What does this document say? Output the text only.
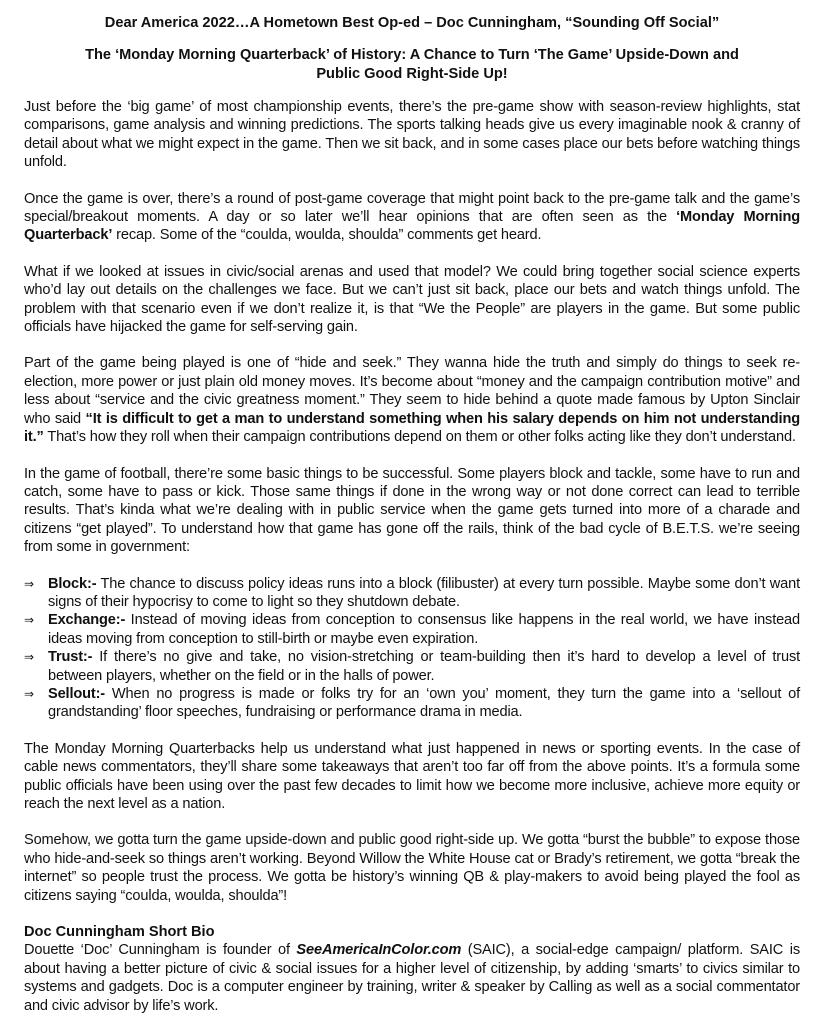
Dear America 2022…A Hometown Best Op-ed – Doc Cunningham, “Sounding Off Social”
The ‘Monday Morning Quarterback’ of History: A Chance to Turn ‘The Game’ Upside-Down and
Public Good Right-Side Up!

Just before the ‘big game’ of most championship events, there’s the pre-game show with season-review highlights, stat comparisons, game analysis and winning predictions. The sports talking heads give us every imaginable nook & cranny of detail about what we might expect in the game. Then we sit back, and in some cases place our bets before watching things unfold.

Once the game is over, there’s a round of post-game coverage that might point back to the pre-game talk and the game’s special/breakout moments. A day or so later we’ll hear opinions that are often seen as the ‘Monday Morning Quarterback’ recap. Some of the “coulda, woulda, shoulda” comments get heard.

What if we looked at issues in civic/social arenas and used that model? We could bring together social science experts who’d lay out details on the challenges we face. But we can’t just sit back, place our bets and watch things unfold. The problem with that scenario even if we don’t realize it, is that “We the People” are players in the game. But some public officials have hijacked the game for self-serving gain.

Part of the game being played is one of “hide and seek.” They wanna hide the truth and simply do things to seek re-election, more power or just plain old money moves. It’s become about “money and the campaign contribution motive” and less about “service and the civic greatness moment.” They seem to hide behind a quote made famous by Upton Sinclair who said “It is difficult to get a man to understand something when his salary depends on him not understanding it.” That’s how they roll when their campaign contributions depend on them or other folks acting like they don’t understand.

In the game of football, there’re some basic things to be successful. Some players block and tackle, some have to run and catch, some have to pass or kick. Those same things if done in the wrong way or not done correct can lead to terrible results. That’s kinda what we’re dealing with in public service when the game gets turned into more of a charade and citizens “get played”. To understand how that game has gone off the rails, think of the bad cycle of B.E.T.S. we’re seeing from some in government:

⇒ Block:- The chance to discuss policy ideas runs into a block (filibuster) at every turn possible. Maybe some don’t want signs of their hypocrisy to come to light so they shutdown debate.
⇒ Exchange:- Instead of moving ideas from conception to consensus like happens in the real world, we have instead ideas moving from conception to still-birth or maybe even expiration.
⇒ Trust:- If there’s no give and take, no vision-stretching or team-building then it’s hard to develop a level of trust between players, whether on the field or in the halls of power.
⇒ Sellout:- When no progress is made or folks try for an ‘own you’ moment, they turn the game into a ‘sellout of grandstanding’ floor speeches, fundraising or performance drama in media.

The Monday Morning Quarterbacks help us understand what just happened in news or sporting events. In the case of cable news commentators, they’ll share some takeaways that aren’t too far off from the above points. It’s a formula some public officials have been using over the past few decades to limit how we become more inclusive, achieve more equity or reach the next level as a nation.

Somehow, we gotta turn the game upside-down and public good right-side up. We gotta “burst the bubble” to expose those who hide-and-seek so things aren’t working. Beyond Willow the White House cat or Brady’s retirement, we gotta “break the internet” so people trust the process. We gotta be history’s winning QB & play-makers to avoid being played the fool as citizens saying “coulda, woulda, shoulda”!

Doc Cunningham Short Bio

Douette ‘Doc’ Cunningham is founder of SeeAmericaInColor.com (SAIC), a social-edge campaign/ platform. SAIC is about having a better picture of civic & social issues for a higher level of citizenship, by adding ‘smarts’ to civics similar to systems and gadgets. Doc is a computer engineer by training, writer & speaker by Calling as well as a social commentator and civic advisor by life’s work.
